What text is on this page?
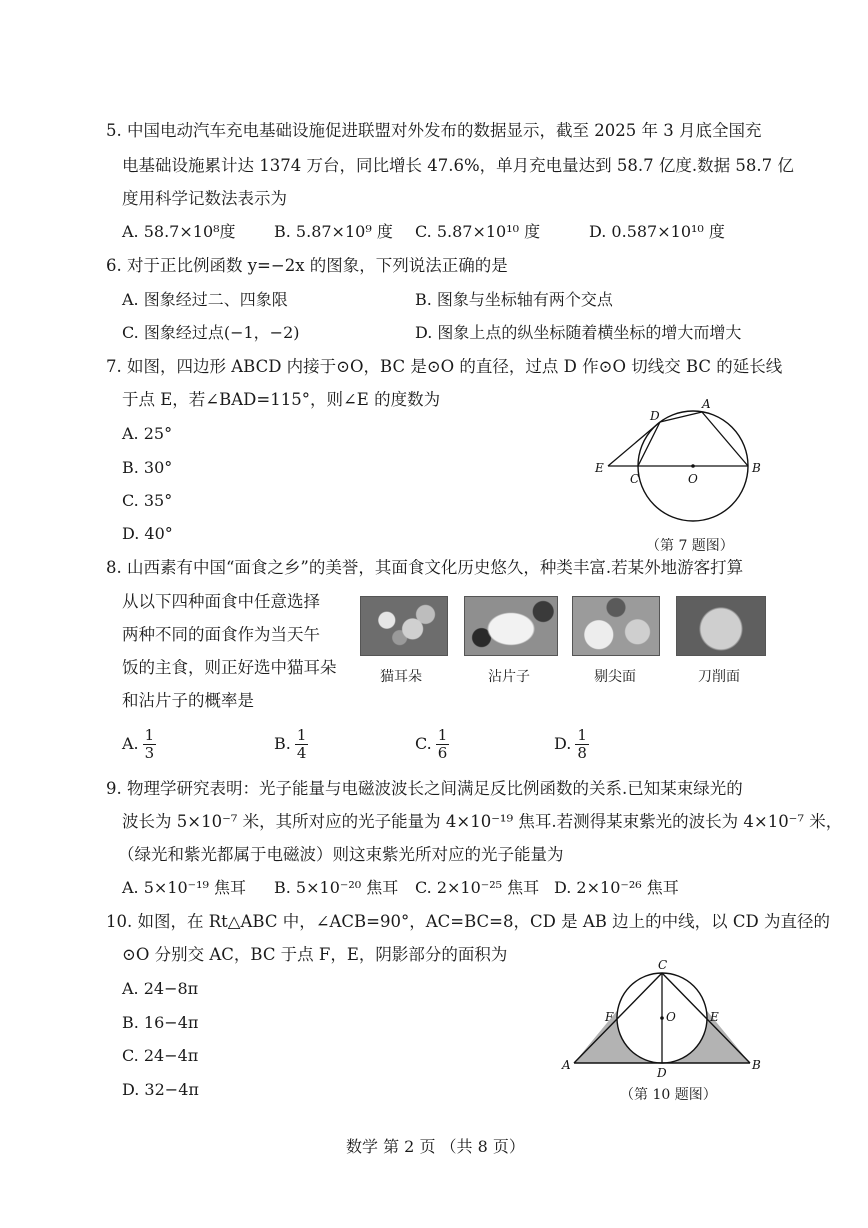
5. 中国电动汽车充电基础设施促进联盟对外发布的数据显示，截至 2025 年 3 月底全国充
电基础设施累计达 1374 万台，同比增长 47.6%，单月充电量达到 58.7 亿度.数据 58.7 亿
度用科学记数法表示为
A. 58.7×10⁸度 B. 5.87×10⁹ 度 C. 5.87×10¹⁰ 度	D. 0.587×10¹⁰ 度
6. 对于正比例函数 y=−2x 的图象，下列说法正确的是
A. 图象经过二、四象限	B. 图象与坐标轴有两个交点
C. 图象经过点(−1，−2)	D. 图象上点的纵坐标随着横坐标的增大而增大
7. 如图，四边形 ABCD 内接于⊙O，BC 是⊙O 的直径，过点 D 作⊙O 切线交 BC 的延长线
于点 E，若∠BAD=115°，则∠E 的度数为
A. 25°
B. 30°
C. 35°
D. 40°
A
B
C
D
E
O
（第 7 题图）
8. 山西素有中国“面食之乡”的美誉，其面食文化历史悠久，种类丰富.若某外地游客打算
从以下四种面食中任意选择
两种不同的面食作为当天午
饭的主食，则正好选中猫耳朵
和沾片子的概率是
猫耳朵	沾片子	剔尖面	刀削面
A. $\frac{1}{3}$	B. $\frac{1}{4}$	C. $\frac{1}{6}$	D. $\frac{1}{8}$
9. 物理学研究表明：光子能量与电磁波波长之间满足反比例函数的关系.已知某束绿光的
波长为 5×10⁻⁷ 米，其所对应的光子能量为 4×10⁻¹⁹ 焦耳.若测得某束紫光的波长为 4×10⁻⁷ 米，
（绿光和紫光都属于电磁波）则这束紫光所对应的光子能量为
A. 5×10⁻¹⁹ 焦耳 B. 5×10⁻²⁰ 焦耳 C. 2×10⁻²⁵ 焦耳 D. 2×10⁻²⁶ 焦耳
10. 如图，在 Rt△ABC 中，∠ACB=90°，AC=BC=8，CD 是 AB 边上的中线，以 CD 为直径的
⊙O 分别交 AC，BC 于点 F，E，阴影部分的面积为
A. 24−8π
B. 16−4π
C. 24−4π
D. 32−4π
A	B
C
D
E
F	O
（第 10 题图）
数学 第 2 页 （共 8 页）
